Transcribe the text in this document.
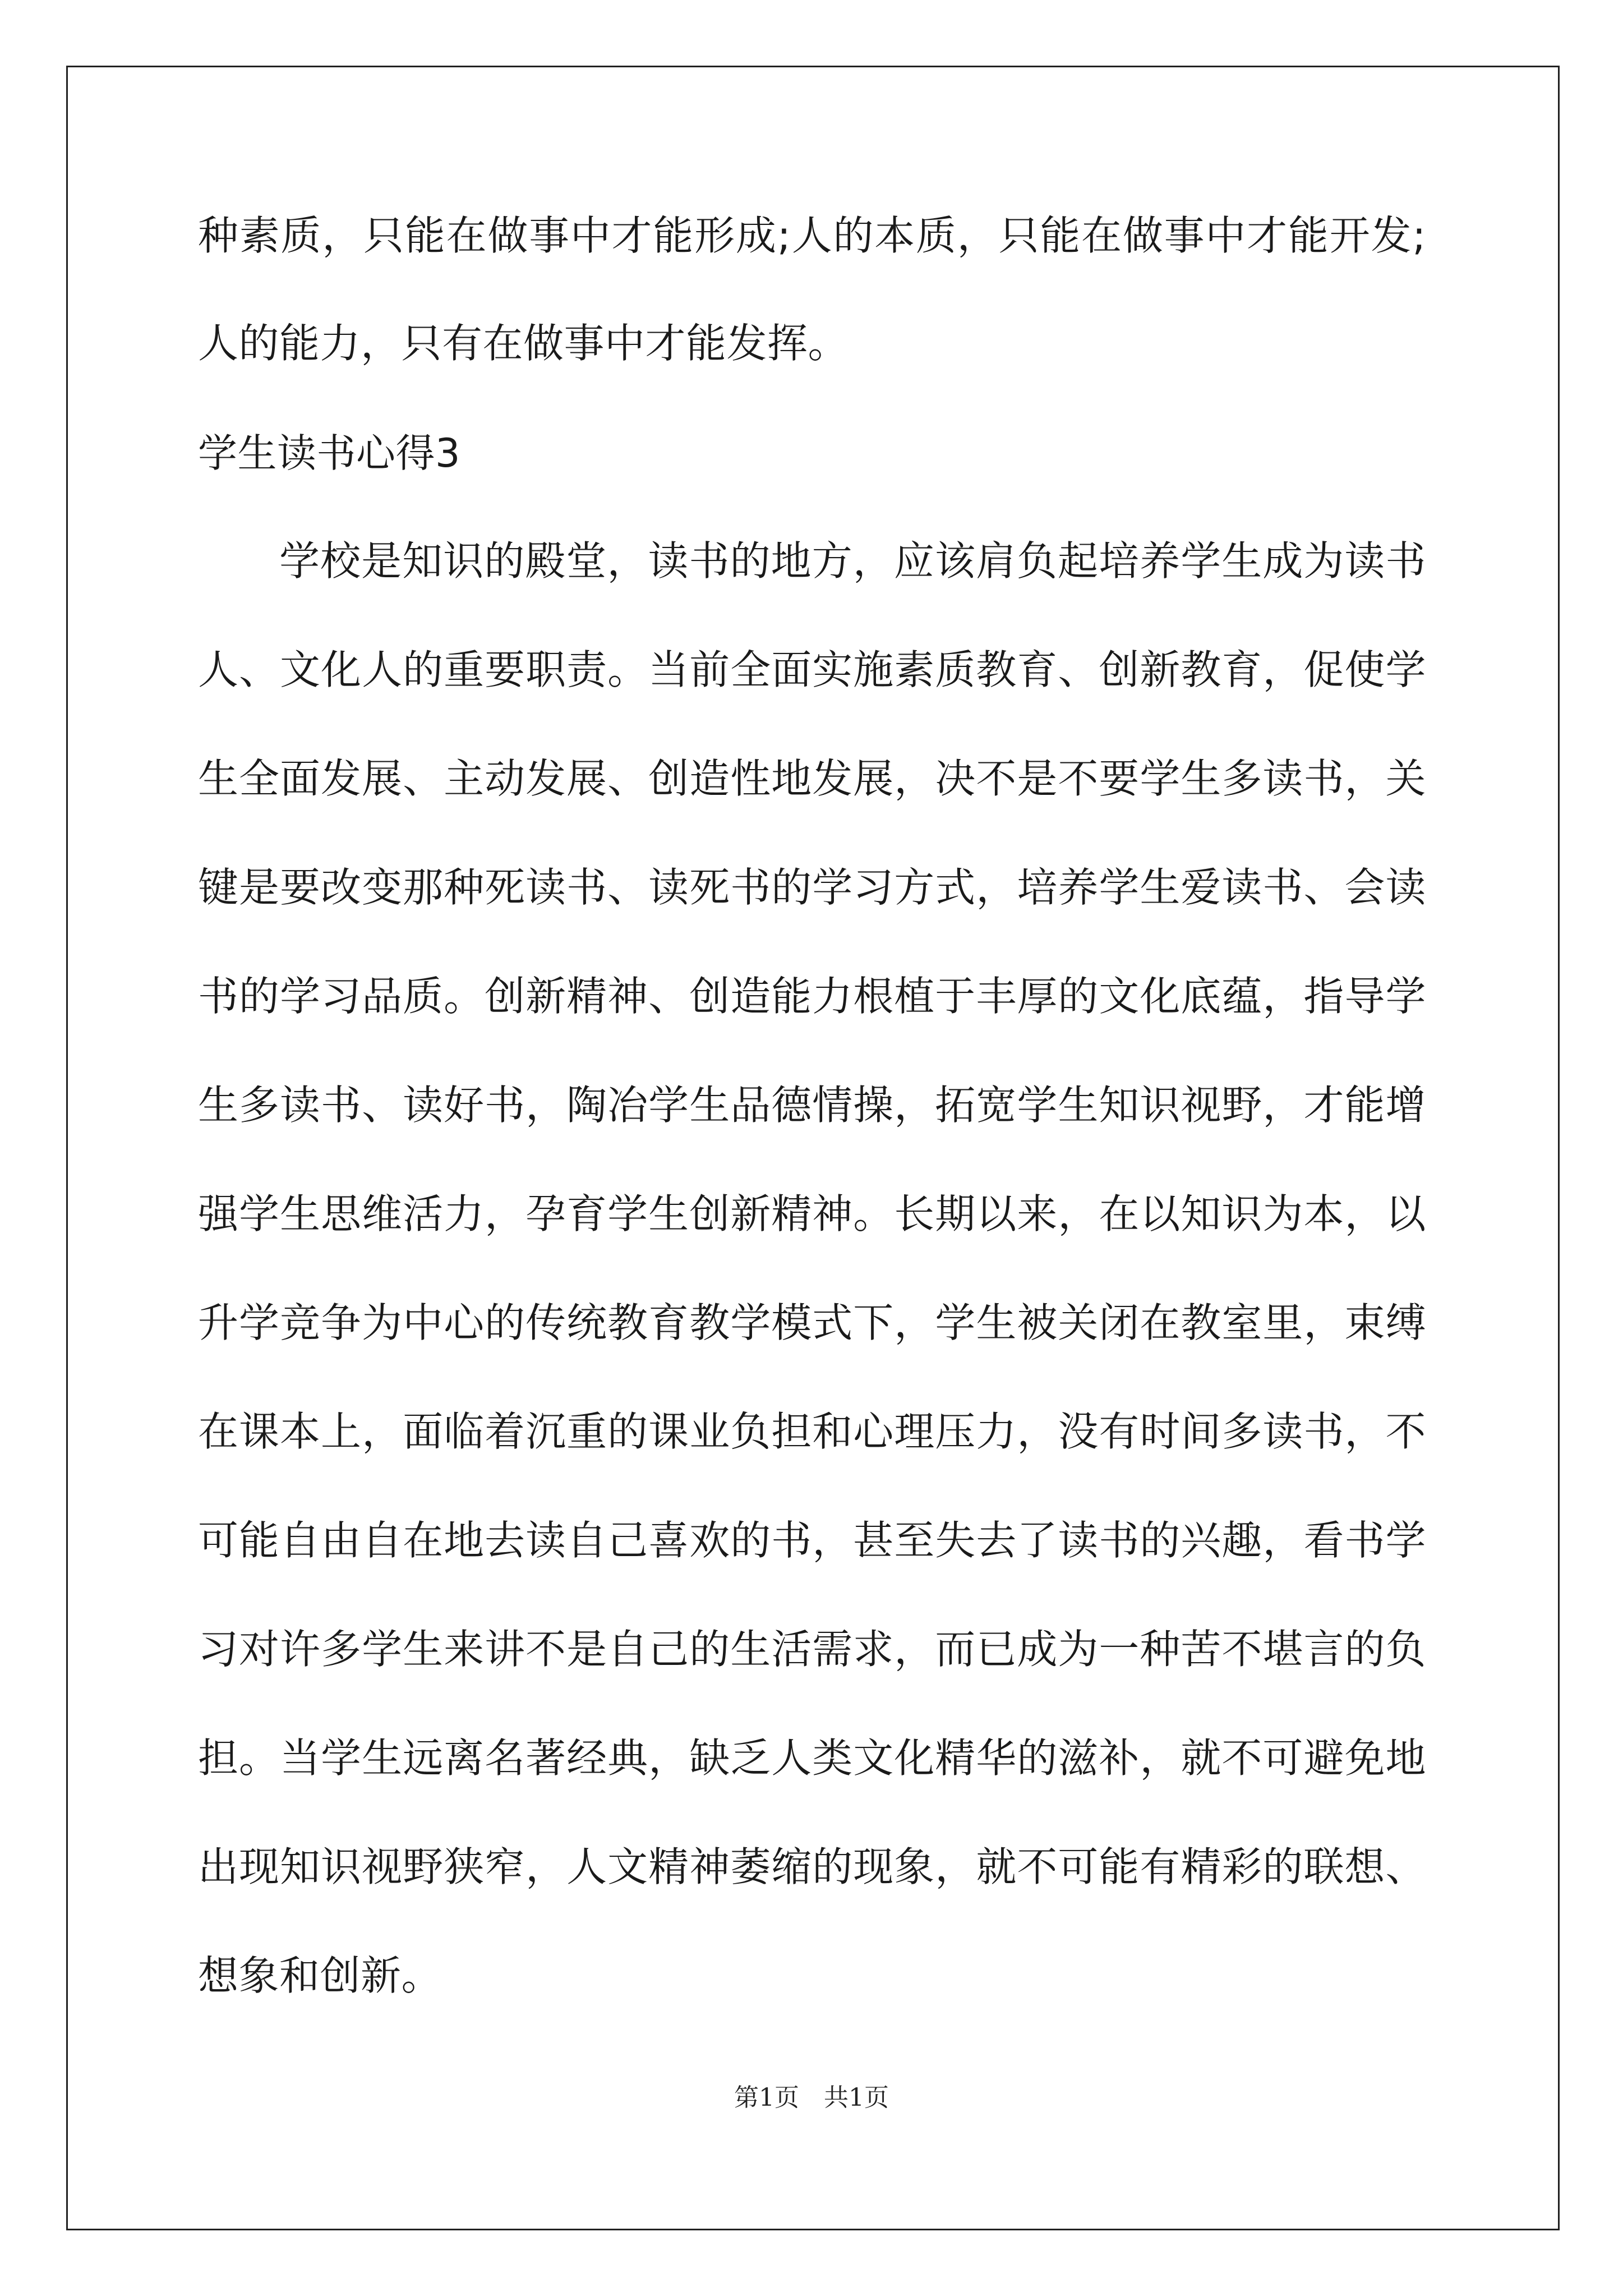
种素质，只能在做事中才能形成;人的本质，只能在做事中才能开发;
人的能力，只有在做事中才能发挥。
学生读书心得3
学校是知识的殿堂，读书的地方，应该肩负起培养学生成为读书
人、文化人的重要职责。当前全面实施素质教育、创新教育，促使学
生全面发展、主动发展、创造性地发展，决不是不要学生多读书，关
键是要改变那种死读书、读死书的学习方式，培养学生爱读书、会读
书的学习品质。创新精神、创造能力根植于丰厚的文化底蕴，指导学
生多读书、读好书，陶冶学生品德情操，拓宽学生知识视野，才能增
强学生思维活力，孕育学生创新精神。长期以来，在以知识为本，以
升学竞争为中心的传统教育教学模式下，学生被关闭在教室里，束缚
在课本上，面临着沉重的课业负担和心理压力，没有时间多读书，不
可能自由自在地去读自己喜欢的书，甚至失去了读书的兴趣，看书学
习对许多学生来讲不是自己的生活需求，而已成为一种苦不堪言的负
担。当学生远离名著经典，缺乏人类文化精华的滋补，就不可避免地
出现知识视野狭窄，人文精神萎缩的现象，就不可能有精彩的联想、
想象和创新。
第1页 共1页
